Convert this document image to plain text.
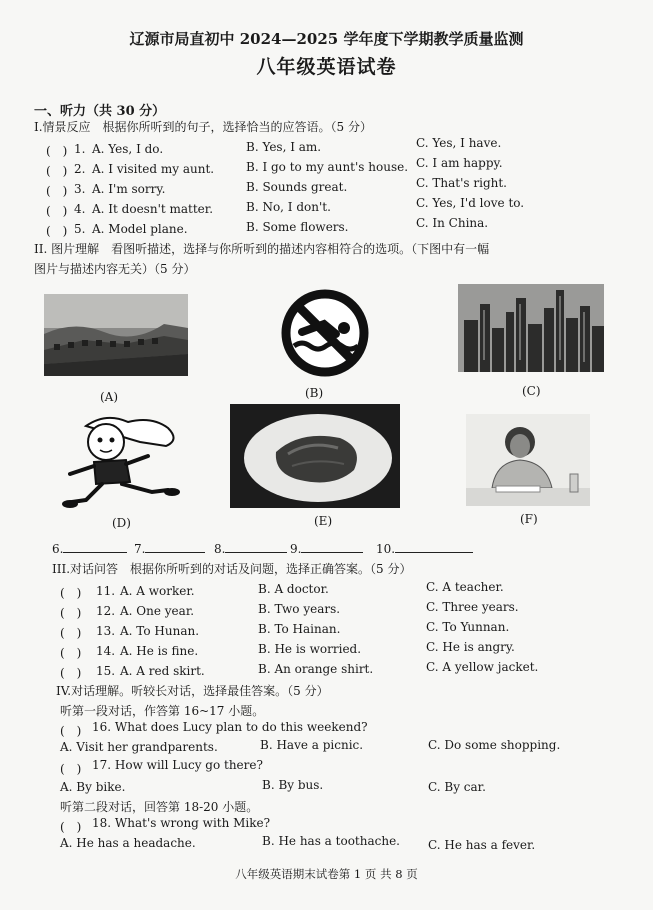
辽源市局直初中 2024—2025 学年度下学期教学质量监测
八年级英语试卷
一、听力（共 30 分）
I.情景反应　根据你所听到的句子，选择恰当的应答语。（5 分）
(　) 1. A. Yes, I do.	B. Yes, I am.	C. Yes, I have.
(　) 2. A. I visited my aunt.	B. I go to my aunt's house. C. I am happy.
(　) 3. A. I'm sorry.	B. Sounds great.	C. That's right.
(　) 4. A. It doesn't matter.	B. No, I don't.	C. Yes, I'd love to.
(　) 5. A. Model plane.	B. Some flowers.	C. In China.
II. 图片理解　看图听描述，选择与你所听到的描述内容相符合的选项。（下图中有一幅
图片与描述内容无关）（5 分）
(A)	(B)	(C)
(D)	(E)	(F)
6.	7.	8.	9.	10.
III.对话问答　根据你所听到的对话及问题，选择正确答案。（5 分）
(　) 11. A. A worker.	B. A doctor.	C. A teacher.
(　) 12. A. One year.	B. Two years.	C. Three years.
(　) 13. A. To Hunan.	B. To Hainan.	C. To Yunnan.
(　) 14. A. He is fine.	B. He is worried.	C. He is angry.
(　) 15. A. A red skirt.	B. An orange shirt.	C. A yellow jacket.
IV.对话理解。听较长对话，选择最佳答案。（5 分）
听第一段对话，作答第 16~17 小题。
(　) 16. What does Lucy plan to do this weekend?
A. Visit her grandparents.	B. Have a picnic.	C. Do some shopping.
(　) 17. How will Lucy go there?
A. By bike.	B. By bus.	C. By car.
听第二段对话，回答第 18-20 小题。
(　) 18. What's wrong with Mike?
A. He has a headache.	B. He has a toothache. C. He has a fever.
八年级英语期末试卷第 1 页 共 8 页
